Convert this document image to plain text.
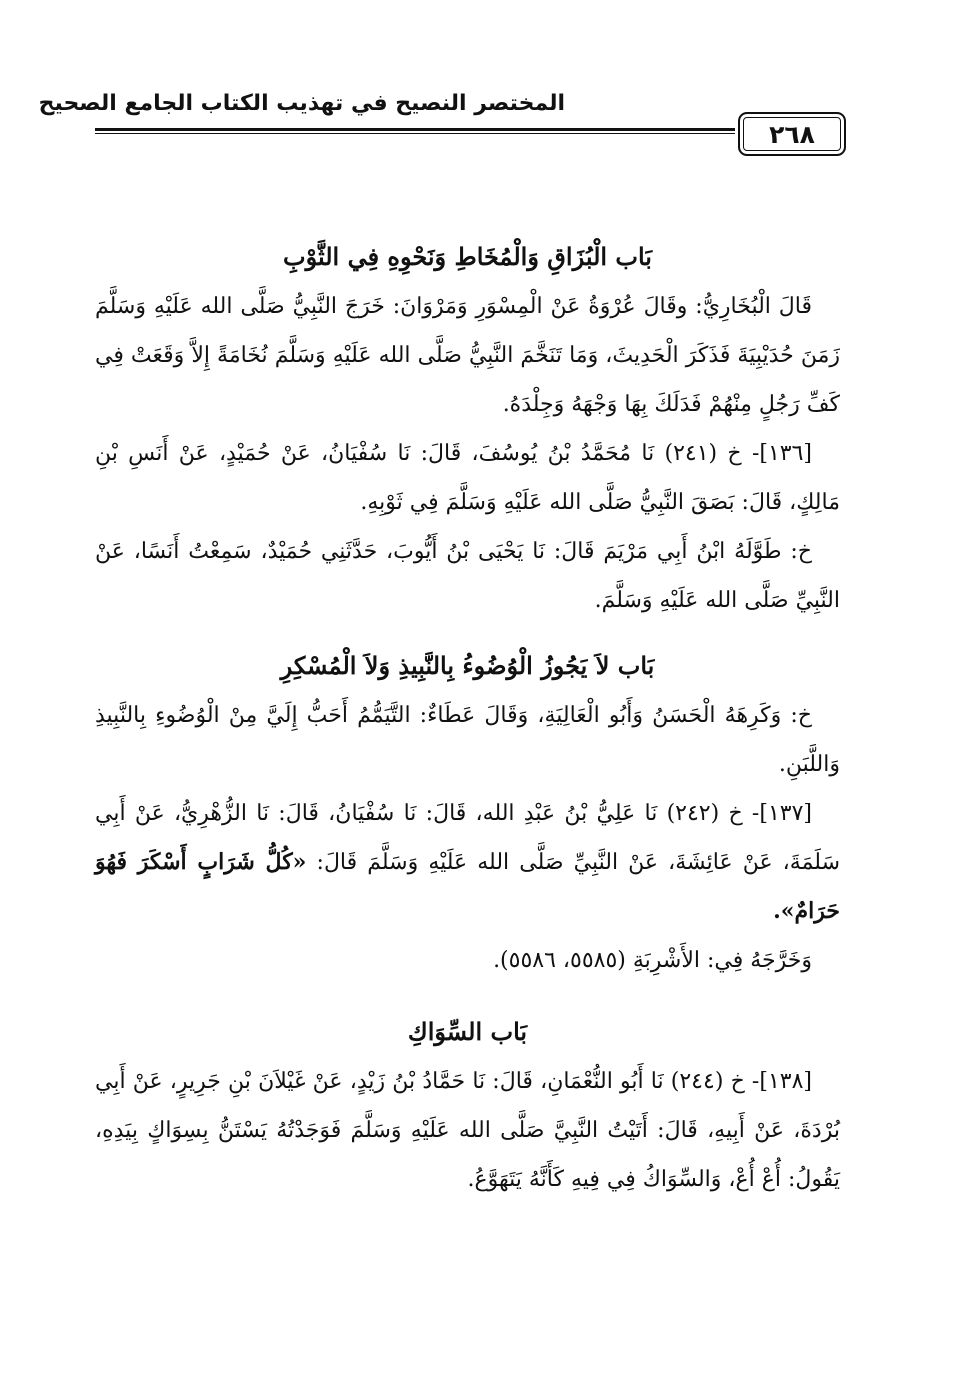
المختصر النصيح في تهذيب الكتاب الجامع الصحيح
٢٦٨
بَاب الْبُزَاقِ وَالْمُخَاطِ وَنَحْوِهِ فِي الثَّوْبِ

قَالَ الْبُخَارِيُّ: وقَالَ عُرْوَةُ عَنْ الْمِسْوَرِ وَمَرْوَانَ: خَرَجَ النَّبِيُّ صَلَّى الله عَلَيْهِ وَسَلَّمَ زَمَنَ حُدَيْبِيَةَ فَذَكَرَ الْحَدِيثَ، وَمَا تَنَخَّمَ النَّبِيُّ صَلَّى الله عَلَيْهِ وَسَلَّمَ نُخَامَةً إِلاَّ وَقَعَتْ فِي كَفِّ رَجُلٍ مِنْهُمْ فَدَلَكَ بِهَا وَجْهَهُ وَجِلْدَهُ.

[١٣٦]- خ (٢٤١) نَا مُحَمَّدُ بْنُ يُوسُفَ، قَالَ: نَا سُفْيَانُ، عَنْ حُمَيْدٍ، عَنْ أَنَسِ بْنِ مَالِكٍ، قَالَ: بَصَقَ النَّبِيُّ صَلَّى الله عَلَيْهِ وَسَلَّمَ فِي ثَوْبِهِ.

خ: طَوَّلَهُ ابْنُ أَبِي مَرْيَمَ قَالَ: نَا يَحْيَى بْنُ أَيُّوبَ، حَدَّثَنِي حُمَيْدٌ، سَمِعْتُ أَنَسًا، عَنْ النَّبِيِّ صَلَّى الله عَلَيْهِ وَسَلَّمَ.

بَاب لاَ يَجُوزُ الْوُضُوءُ بِالنَّبِيذِ وَلاَ الْمُسْكِرِ

خ: وَكَرِهَهُ الْحَسَنُ وَأَبُو الْعَالِيَةِ، وَقَالَ عَطَاءٌ: التَّيَمُّمُ أَحَبُّ إِلَيَّ مِنْ الْوُضُوءِ بِالنَّبِيذِ وَاللَّبَنِ.

[١٣٧]- خ (٢٤٢) نَا عَلِيُّ بْنُ عَبْدِ الله، قَالَ: نَا سُفْيَانُ، قَالَ: نَا الزُّهْرِيُّ، عَنْ أَبِي سَلَمَةَ، عَنْ عَائِشَةَ، عَنْ النَّبِيِّ صَلَّى الله عَلَيْهِ وَسَلَّمَ قَالَ: «كُلُّ شَرَابٍ أَسْكَرَ فَهُوَ حَرَامٌ».

وَخَرَّجَهُ فِي: الأَشْرِبَةِ (٥٥٨٥، ٥٥٨٦).

بَاب السِّوَاكِ

[١٣٨]- خ (٢٤٤) نَا أَبُو النُّعْمَانِ، قَالَ: نَا حَمَّادُ بْنُ زَيْدٍ، عَنْ غَيْلاَنَ بْنِ جَرِيرٍ، عَنْ أَبِي بُرْدَةَ، عَنْ أَبِيهِ، قَالَ: أَتَيْتُ النَّبِيَّ صَلَّى الله عَلَيْهِ وَسَلَّمَ فَوَجَدْتُهُ يَسْتَنُّ بِسِوَاكٍ بِيَدِهِ، يَقُولُ: أُعْ أُعْ، وَالسِّوَاكُ فِي فِيهِ كَأَنَّهُ يَتَهَوَّعُ.
